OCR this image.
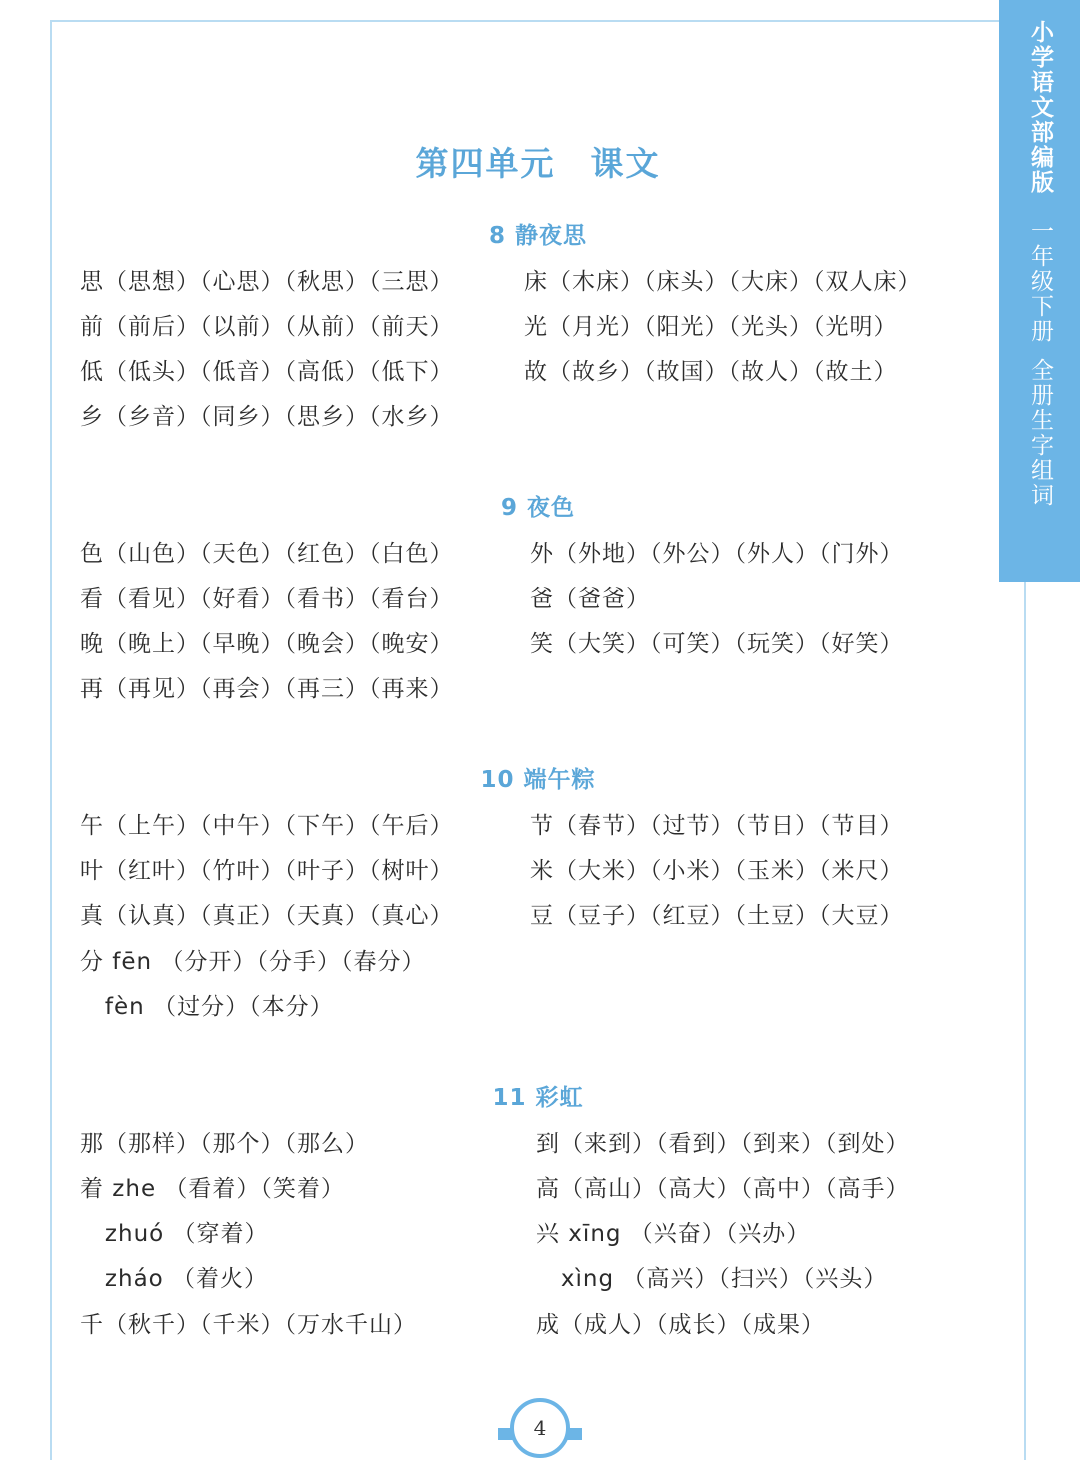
小学语文部编版
一年级下册
全册生字组词
第四单元　课文
8 静夜思
思（思想）（心思）（秋思）（三思）
前（前后）（以前）（从前）（前天）
低（低头）（低音）（高低）（低下）
乡（乡音）（同乡）（思乡）（水乡）
床（木床）（床头）（大床）（双人床）
光（月光）（阳光）（光头）（光明）
故（故乡）（故国）（故人）（故土）
9 夜色
色（山色）（天色）（红色）（白色）
看（看见）（好看）（看书）（看台）
晚（晚上）（早晚）（晚会）（晚安）
再（再见）（再会）（再三）（再来）
外（外地）（外公）（外人）（门外）
爸（爸爸）
笑（大笑）（可笑）（玩笑）（好笑）
10 端午粽
午（上午）（中午）（下午）（午后）
叶（红叶）（竹叶）（叶子）（树叶）
真（认真）（真正）（天真）（真心）
分 fēn （分开）（分手）（春分）
fèn （过分）（本分）
节（春节）（过节）（节日）（节目）
米（大米）（小米）（玉米）（米尺）
豆（豆子）（红豆）（土豆）（大豆）
11 彩虹
那（那样）（那个）（那么）
着 zhe （看着）（笑着）
zhuó （穿着）
zháo （着火）
千（秋千）（千米）（万水千山）
到（来到）（看到）（到来）（到处）
高（高山）（高大）（高中）（高手）
兴 xīng （兴奋）（兴办）
xìng （高兴）（扫兴）（兴头）
成（成人）（成长）（成果）
4
